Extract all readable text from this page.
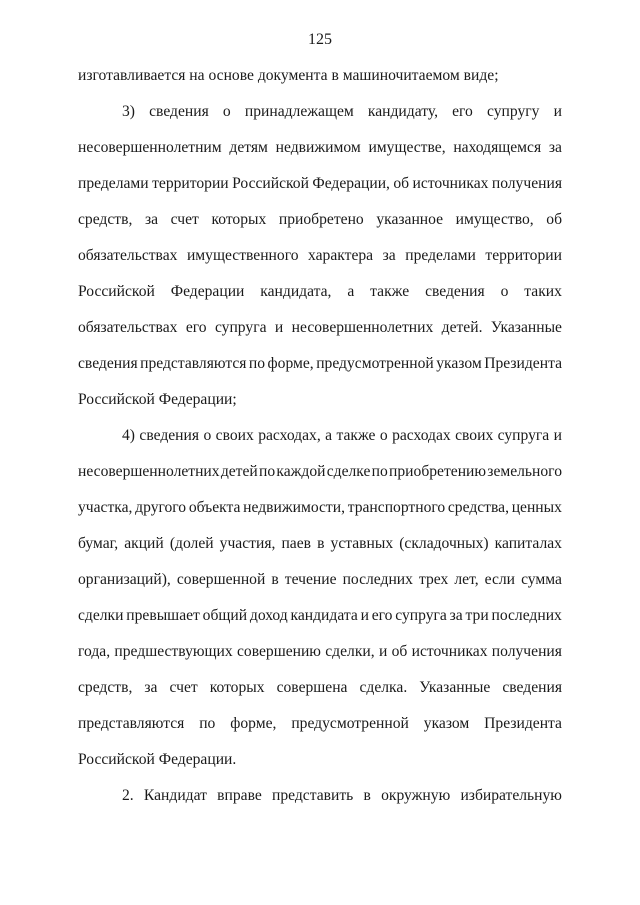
125
изготавливается на основе документа в машиночитаемом виде;
3) сведения о принадлежащем кандидату, его супругу и
несовершеннолетним детям недвижимом имуществе, находящемся за
пределами территории Российской Федерации, об источниках получения
средств, за счет которых приобретено указанное имущество, об
обязательствах имущественного характера за пределами территории
Российской Федерации кандидата, а также сведения о таких
обязательствах его супруга и несовершеннолетних детей. Указанные
сведения представляются по форме, предусмотренной указом Президента
Российской Федерации;
4) сведения о своих расходах, а также о расходах своих супруга и
несовершеннолетних детей по каждой сделке по приобретению земельного
участка, другого объекта недвижимости, транспортного средства, ценных
бумаг, акций (долей участия, паев в уставных (складочных) капиталах
организаций), совершенной в течение последних трех лет, если сумма
сделки превышает общий доход кандидата и его супруга за три последних
года, предшествующих совершению сделки, и об источниках получения
средств, за счет которых совершена сделка. Указанные сведения
представляются по форме, предусмотренной указом Президента
Российской Федерации.
2. Кандидат вправе представить в окружную избирательную
